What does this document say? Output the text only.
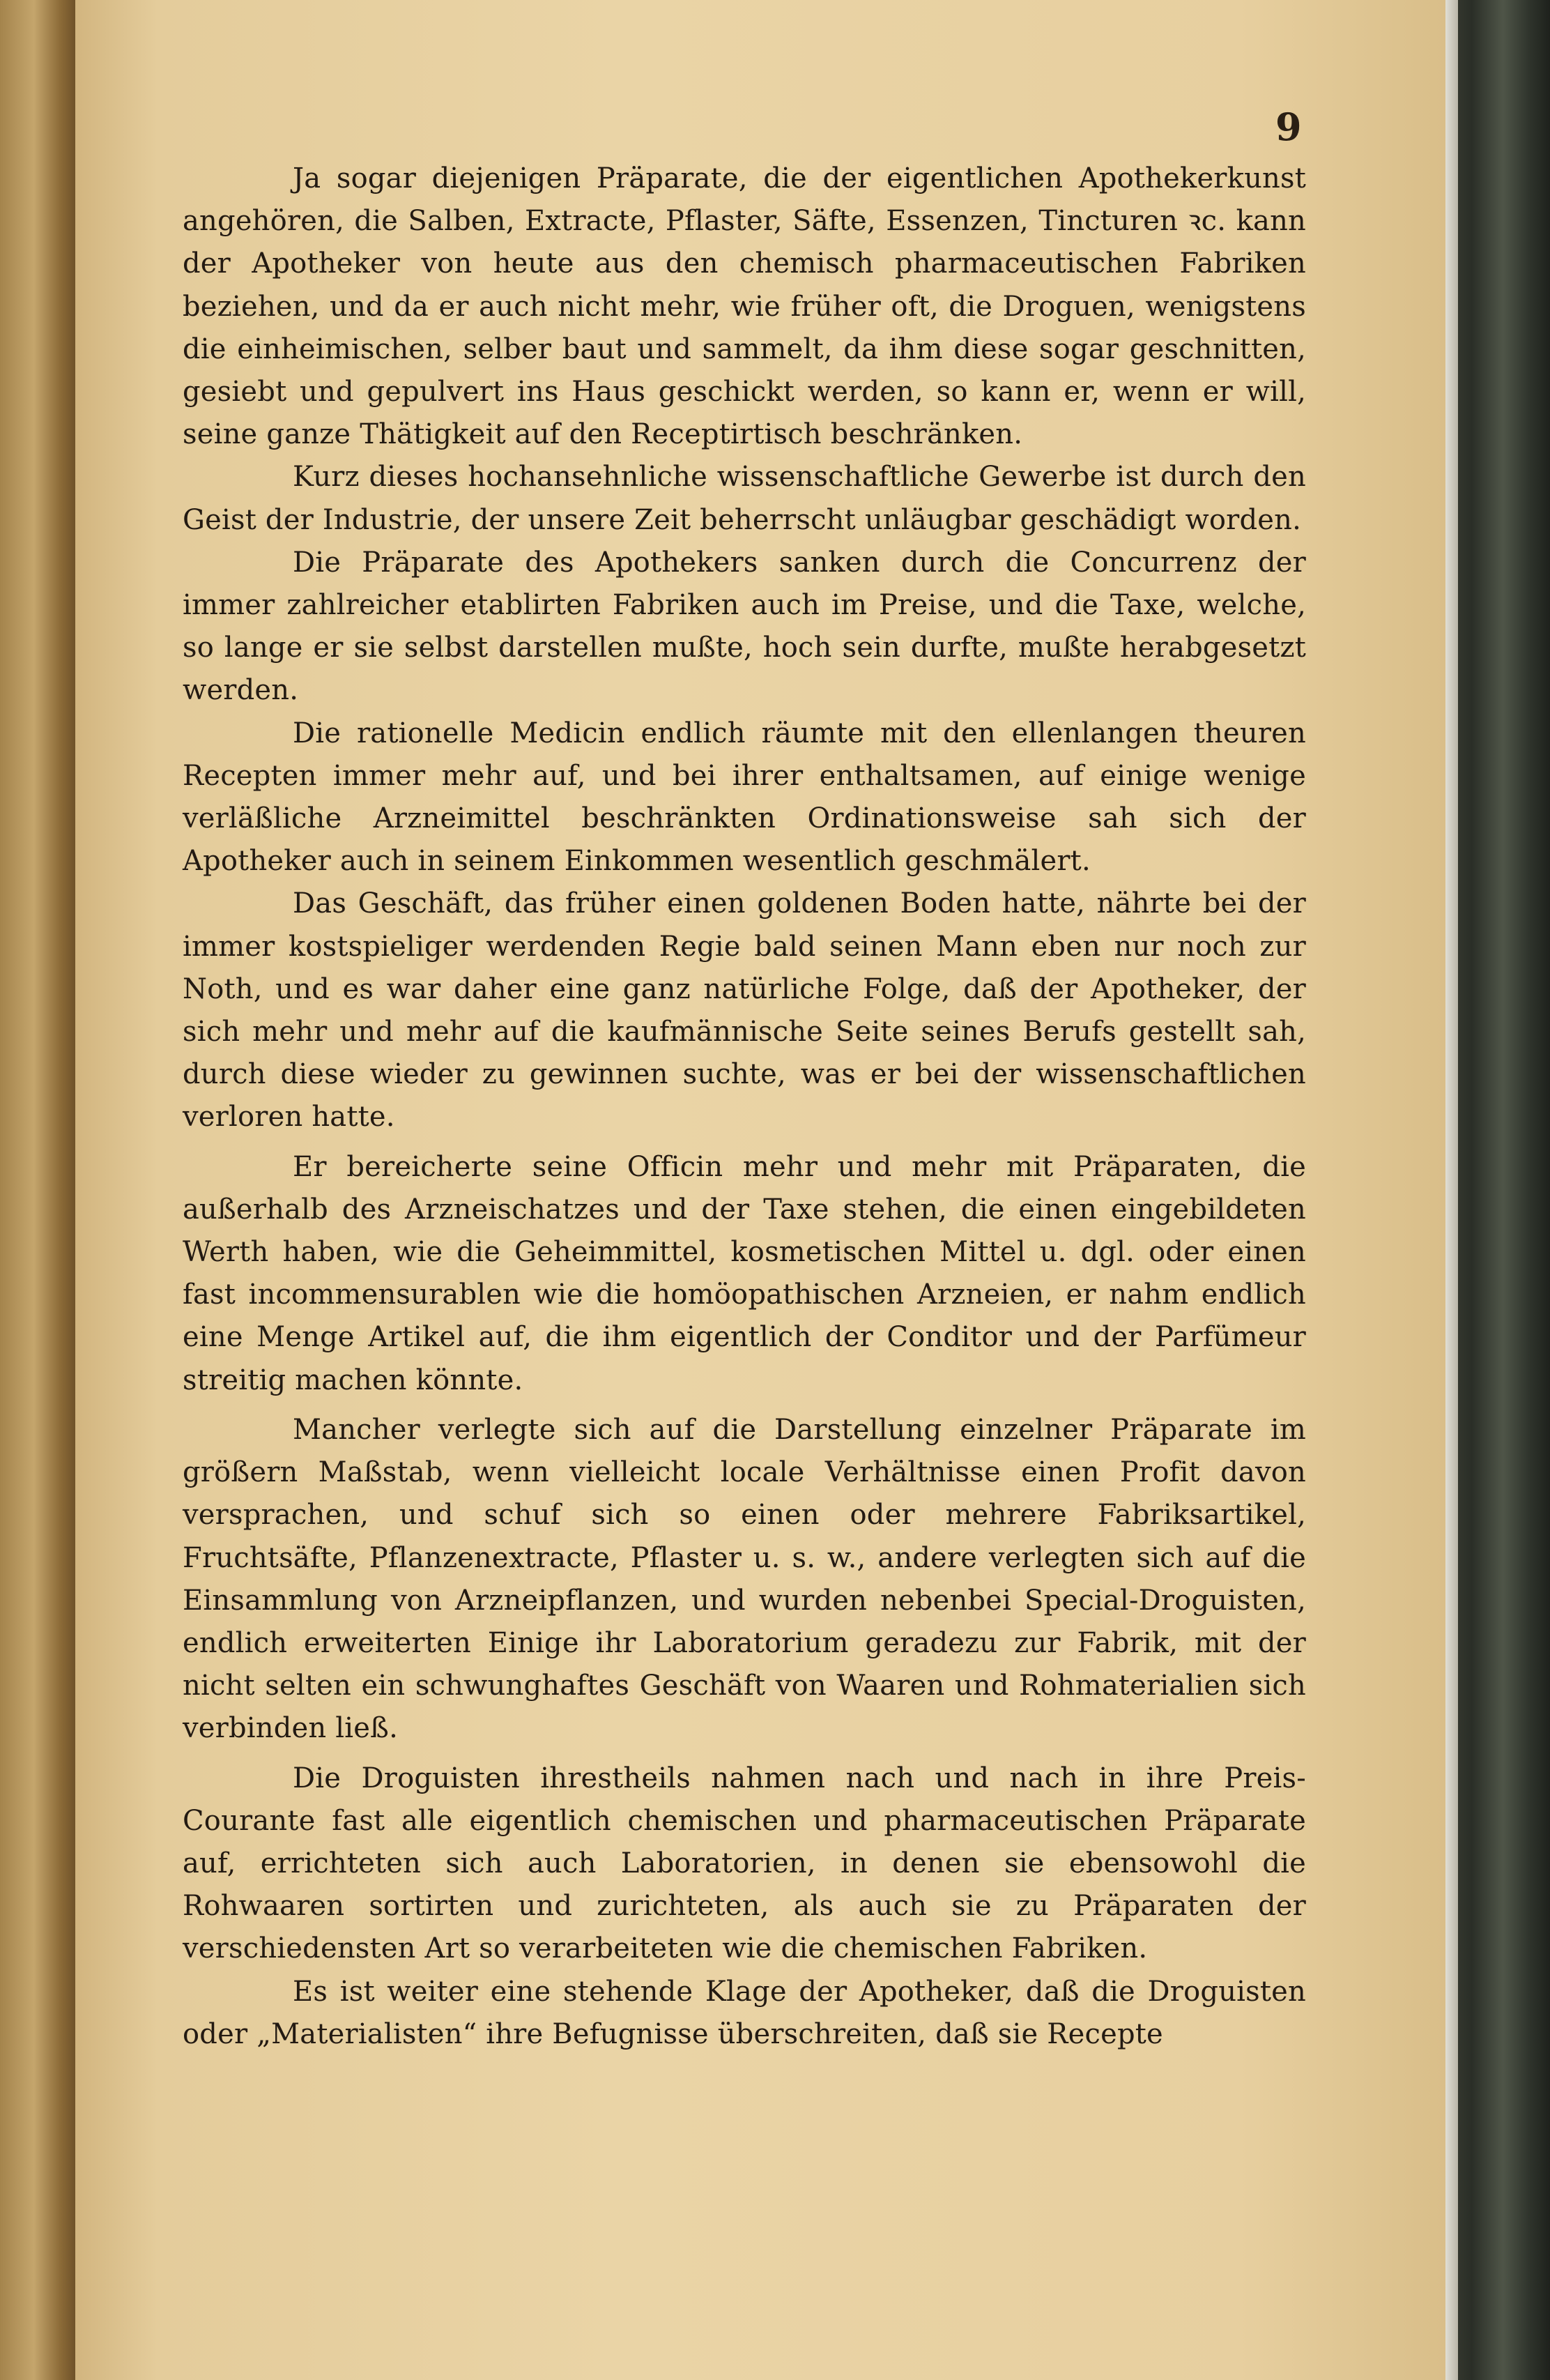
9

Ja sogar diejenigen Präparate, die der eigentlichen Apothekerkunst angehören, die Salben, Extracte, Pflaster, Säfte, Essenzen, Tincturen ꝛc. kann der Apotheker von heute aus den chemisch pharmaceutischen Fabriken beziehen, und da er auch nicht mehr, wie früher oft, die Droguen, wenigstens die einheimischen, selber baut und sammelt, da ihm diese sogar geschnitten, gesiebt und gepulvert ins Haus geschickt werden, so kann er, wenn er will, seine ganze Thätigkeit auf den Receptirtisch beschränken.

Kurz dieses hochansehnliche wissenschaftliche Gewerbe ist durch den Geist der Industrie, der unsere Zeit beherrscht unläugbar geschädigt worden.

Die Präparate des Apothekers sanken durch die Concurrenz der immer zahlreicher etablirten Fabriken auch im Preise, und die Taxe, welche, so lange er sie selbst darstellen mußte, hoch sein durfte, mußte herabgesetzt werden.

Die rationelle Medicin endlich räumte mit den ellenlangen theuren Recepten immer mehr auf, und bei ihrer enthaltsamen, auf einige wenige verläßliche Arzneimittel beschränkten Ordinationsweise sah sich der Apotheker auch in seinem Einkommen wesentlich geschmälert.

Das Geschäft, das früher einen goldenen Boden hatte, nährte bei der immer kostspieliger werdenden Regie bald seinen Mann eben nur noch zur Noth, und es war daher eine ganz natürliche Folge, daß der Apotheker, der sich mehr und mehr auf die kaufmännische Seite seines Berufs gestellt sah, durch diese wieder zu gewinnen suchte, was er bei der wissenschaftlichen verloren hatte.

Er bereicherte seine Officin mehr und mehr mit Präparaten, die außerhalb des Arzneischatzes und der Taxe stehen, die einen eingebildeten Werth haben, wie die Geheimmittel, kosmetischen Mittel u. dgl. oder einen fast incommensurablen wie die homöopathischen Arzneien, er nahm endlich eine Menge Artikel auf, die ihm eigentlich der Conditor und der Parfümeur streitig machen könnte.

Mancher verlegte sich auf die Darstellung einzelner Präparate im größern Maßstab, wenn vielleicht locale Verhältnisse einen Profit davon versprachen, und schuf sich so einen oder mehrere Fabriksartikel, Fruchtsäfte, Pflanzenextracte, Pflaster u. s. w., andere verlegten sich auf die Einsammlung von Arzneipflanzen, und wurden nebenbei Special-Droguisten, endlich erweiterten Einige ihr Laboratorium geradezu zur Fabrik, mit der nicht selten ein schwunghaftes Geschäft von Waaren und Rohmaterialien sich verbinden ließ.

Die Droguisten ihrestheils nahmen nach und nach in ihre Preis-Courante fast alle eigentlich chemischen und pharmaceutischen Präparate auf, errichteten sich auch Laboratorien, in denen sie ebensowohl die Rohwaaren sortirten und zurichteten, als auch sie zu Präparaten der verschiedensten Art so verarbeiteten wie die chemischen Fabriken.

Es ist weiter eine stehende Klage der Apotheker, daß die Droguisten oder „Materialisten“ ihre Befugnisse überschreiten, daß sie Recepte
